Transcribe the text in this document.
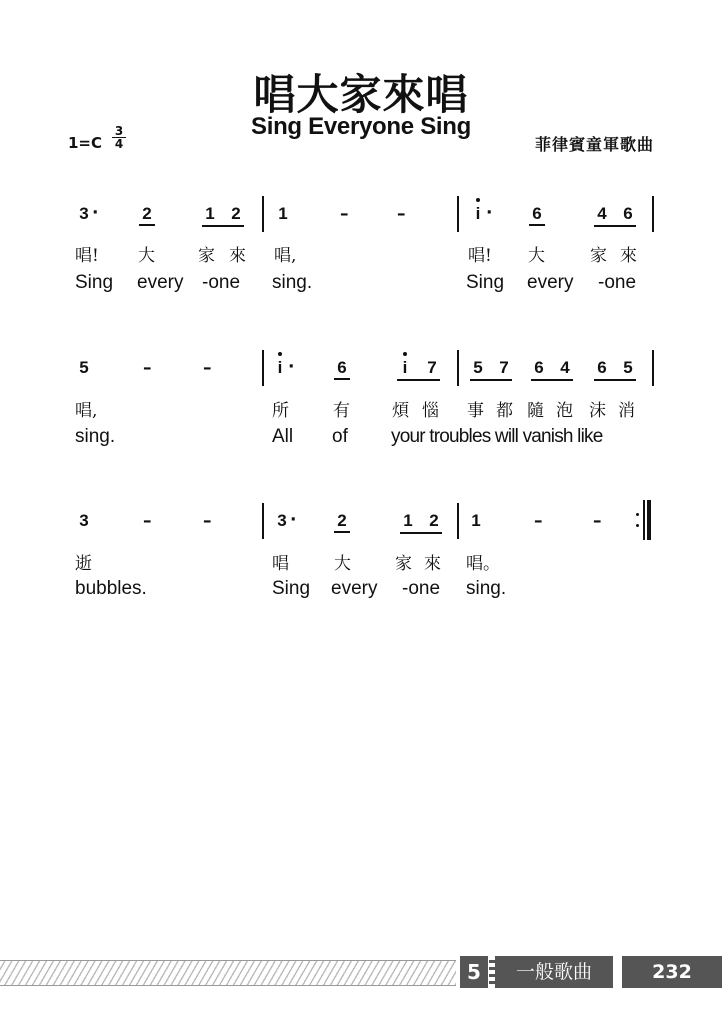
唱大家來唱
Sing Everyone Sing
1=C
3
4	菲律賓童軍歌曲
3 ·	2	1 2 1	–	–	i · 6	4 6
唱! 大	家 來 唱,	唱! 大	家 來
Sing every -one sing.	Sing every -one
5	–	–	i ·	6	i	7 5 7 6 4 6 5
唱,	所	有 煩 惱 事 都 隨 泡 沫 消
sing.	All of your troubles will vanish like
3	–	–	3 · 2	1 2 1	–	–
逝	唱	大	家 來 唱。
bubbles.	Sing every -one sing.
5	一般歌曲	232
